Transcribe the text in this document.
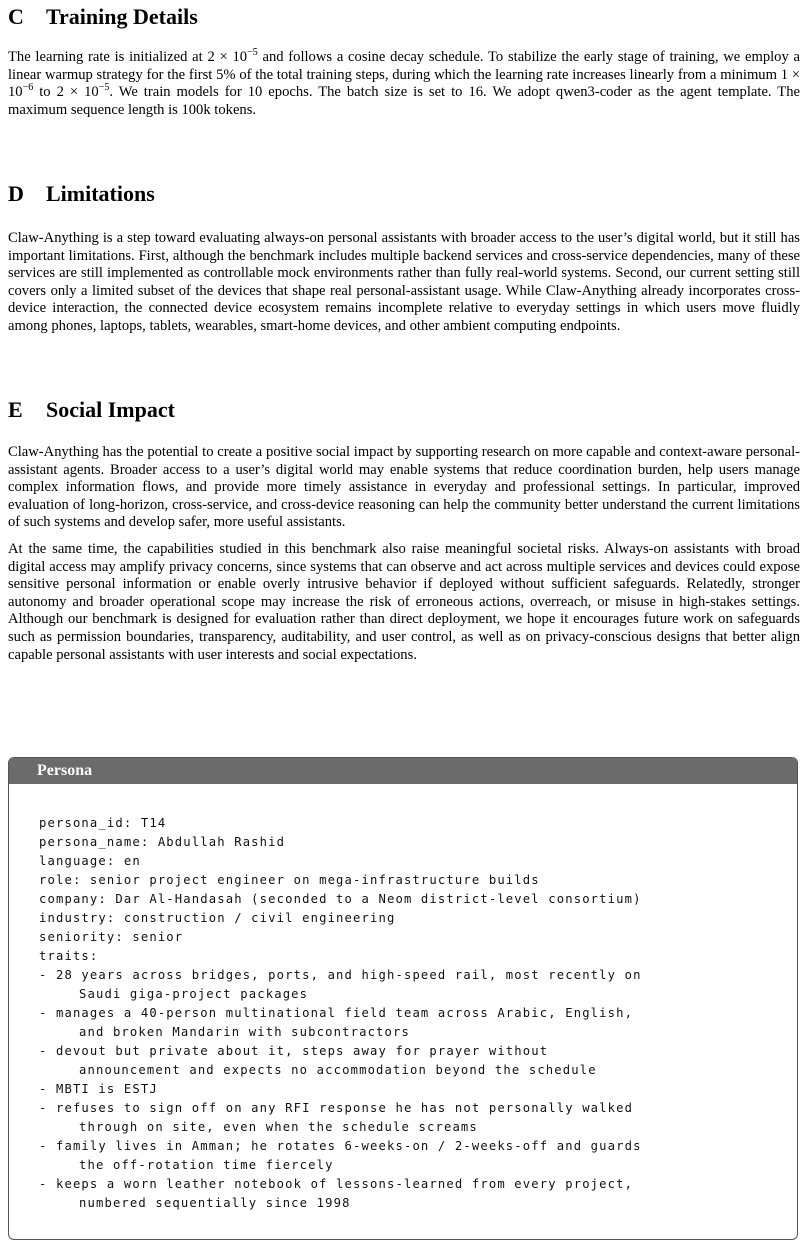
C Training Details

The learning rate is initialized at $2 \times 10^{-5}$ and follows a cosine decay schedule. To stabilize the early stage of training, we employ a linear warmup strategy for the first 5% of the total training steps, during which the learning rate increases linearly from a minimum $1 \times 10^{-6}$ to $2 \times 10^{-5}$. We train models for 10 epochs. The batch size is set to 16. We adopt qwen3-coder as the agent template. The maximum sequence length is 100k tokens.

D Limitations

Claw-Anything is a step toward evaluating always-on personal assistants with broader access to the user’s digital world, but it still has important limitations. First, although the benchmark includes multiple backend services and cross-service dependencies, many of these services are still implemented as controllable mock environments rather than fully real-world systems. Second, our current setting still covers only a limited subset of the devices that shape real personal-assistant usage. While Claw-Anything already incorporates cross-device interaction, the connected device ecosystem remains incomplete relative to everyday settings in which users move fluidly among phones, laptops, tablets, wearables, smart-home devices, and other ambient computing endpoints.

E Social Impact

Claw-Anything has the potential to create a positive social impact by supporting research on more capable and context-aware personal-assistant agents. Broader access to a user’s digital world may enable systems that reduce coordination burden, help users manage complex information flows, and provide more timely assistance in everyday and professional settings. In particular, improved evaluation of long-horizon, cross-service, and cross-device reasoning can help the community better understand the current limitations of such systems and develop safer, more useful assistants.

At the same time, the capabilities studied in this benchmark also raise meaningful societal risks. Always-on assistants with broad digital access may amplify privacy concerns, since systems that can observe and act across multiple services and devices could expose sensitive personal information or enable overly intrusive behavior if deployed without sufficient safeguards. Relatedly, stronger autonomy and broader operational scope may increase the risk of erroneous actions, overreach, or misuse in high-stakes settings. Although our benchmark is designed for evaluation rather than direct deployment, we hope it encourages future work on safeguards such as permission boundaries, transparency, auditability, and user control, as well as on privacy-conscious designs that better align capable personal assistants with user interests and social expectations.

Persona
persona_id: T14
persona_name: Abdullah Rashid
language: en
role: senior project engineer on mega-infrastructure builds
company: Dar Al-Handasah (seconded to a Neom district-level consortium)
industry: construction / civil engineering
seniority: senior
traits:
- 28 years across bridges, ports, and high-speed rail, most recently on
Saudi giga-project packages
- manages a 40-person multinational field team across Arabic, English,
and broken Mandarin with subcontractors
- devout but private about it, steps away for prayer without
announcement and expects no accommodation beyond the schedule
- MBTI is ESTJ
- refuses to sign off on any RFI response he has not personally walked
through on site, even when the schedule screams
- family lives in Amman; he rotates 6-weeks-on / 2-weeks-off and guards
the off-rotation time fiercely
- keeps a worn leather notebook of lessons-learned from every project,
numbered sequentially since 1998
